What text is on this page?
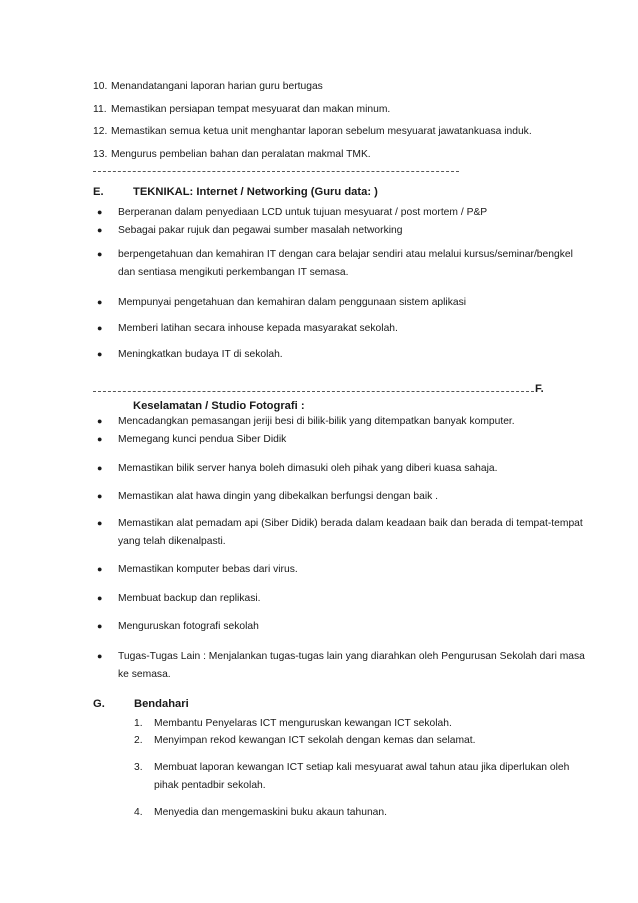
10. Menandatangani laporan harian guru bertugas
11. Memastikan persiapan tempat mesyuarat dan makan minum.
12. Memastikan semua ketua unit menghantar laporan sebelum mesyuarat jawatankuasa induk.
13. Mengurus pembelian bahan dan peralatan makmal TMK.
E.	TEKNIKAL: Internet / Networking (Guru data: )
● Berperanan dalam penyediaan LCD untuk tujuan mesyuarat / post mortem / P&P
● Sebagai pakar rujuk dan pegawai sumber masalah networking
● berpengetahuan dan kemahiran IT dengan cara belajar sendiri atau melalui kursus/seminar/bengkel
dan sentiasa mengikuti perkembangan IT semasa.
● Mempunyai pengetahuan dan kemahiran dalam penggunaan sistem aplikasi
● Memberi latihan secara inhouse kepada masyarakat sekolah.
● Meningkatkan budaya IT di sekolah.
F.
Keselamatan / Studio Fotografi :
● Mencadangkan pemasangan jeriji besi di bilik-bilik yang ditempatkan banyak komputer.
● Memegang kunci pendua Siber Didik
● Memastikan bilik server hanya boleh dimasuki oleh pihak yang diberi kuasa sahaja.
● Memastikan alat hawa dingin yang dibekalkan berfungsi dengan baik .
● Memastikan alat pemadam api (Siber Didik) berada dalam keadaan baik dan berada di tempat-tempat
yang telah dikenalpasti.
● Memastikan komputer bebas dari virus.
● Membuat backup dan replikasi.
● Menguruskan fotografi sekolah
● Tugas-Tugas Lain : Menjalankan tugas-tugas lain yang diarahkan oleh Pengurusan Sekolah dari masa
ke semasa.
G.	Bendahari
1. Membantu Penyelaras ICT menguruskan kewangan ICT sekolah.
2. Menyimpan rekod kewangan ICT sekolah dengan kemas dan selamat.
3. Membuat laporan kewangan ICT setiap kali mesyuarat awal tahun atau jika diperlukan oleh
pihak pentadbir sekolah.
4. Menyedia dan mengemaskini buku akaun tahunan.
